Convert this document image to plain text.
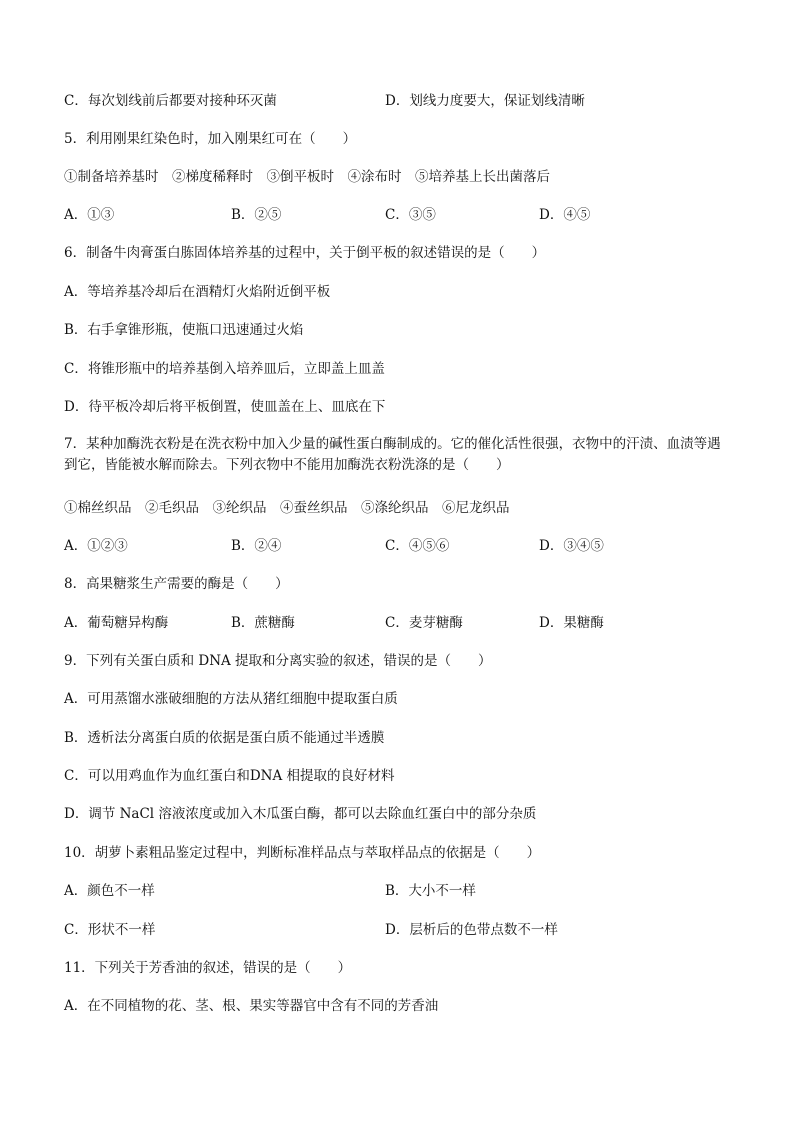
C．每次划线前后都要对接种环灭菌	D．划线力度要大，保证划线清晰
5．利用刚果红染色时，加入刚果红可在（　　）
①制备培养基时　②梯度稀释时　③倒平板时　④涂布时　⑤培养基上长出菌落后
A．①③	B．②⑤	C．③⑤	D．④⑤
6．制备牛肉膏蛋白胨固体培养基的过程中，关于倒平板的叙述错误的是（　　）
A．等培养基冷却后在酒精灯火焰附近倒平板
B．右手拿锥形瓶，使瓶口迅速通过火焰
C．将锥形瓶中的培养基倒入培养皿后，立即盖上皿盖
D．待平板冷却后将平板倒置，使皿盖在上、皿底在下
7．某种加酶洗衣粉是在洗衣粉中加入少量的碱性蛋白酶制成的。它的催化活性很强，衣物中的汗渍、血渍等遇到它，皆能被水解而除去。下列衣物中不能用加酶洗衣粉洗涤的是（　　）
①棉丝织品　②毛织品　③纶织品　④蚕丝织品　⑤涤纶织品　⑥尼龙织品
A．①②③	B．②④	C．④⑤⑥	D．③④⑤
8．高果糖浆生产需要的酶是（　　）
A．葡萄糖异构酶	B．蔗糖酶	C．麦芽糖酶	D．果糖酶
9．下列有关蛋白质和 DNA 提取和分离实验的叙述，错误的是（　　）
A．可用蒸馏水涨破细胞的方法从猪红细胞中提取蛋白质
B．透析法分离蛋白质的依据是蛋白质不能通过半透膜
C．可以用鸡血作为血红蛋白和DNA 相提取的良好材料
D．调节 NaCl 溶液浓度或加入木瓜蛋白酶，都可以去除血红蛋白中的部分杂质
10．胡萝卜素粗品鉴定过程中，判断标准样品点与萃取样品点的依据是（　　）
A．颜色不一样	B．大小不一样
C．形状不一样	D．层析后的色带点数不一样
11．下列关于芳香油的叙述，错误的是（　　）
A．在不同植物的花、茎、根、果实等器官中含有不同的芳香油
